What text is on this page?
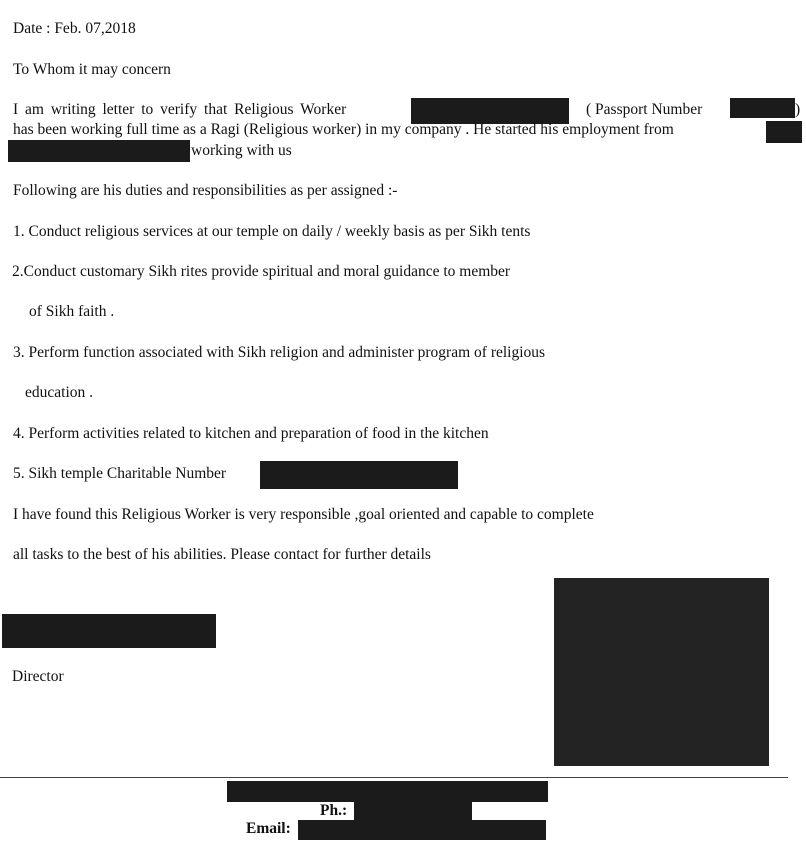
Date : Feb. 07,2018
To Whom it may concern
I am writing letter to verify that Religious Worker	( Passport Number	)
has been working full time as a Ragi (Religious worker) in my company . He started his employment from
working with us
Following are his duties and responsibilities as per assigned :-
1. Conduct religious services at our temple on daily / weekly basis as per Sikh tents
2.Conduct customary Sikh rites provide spiritual and moral guidance to member
of Sikh faith .
3. Perform function associated with Sikh religion and administer program of religious
education .
4. Perform activities related to kitchen and preparation of food in the kitchen
5. Sikh temple Charitable Number
I have found this Religious Worker is very responsible ,goal oriented and capable to complete
all tasks to the best of his abilities. Please contact for further details
Director
Ph.:
Email:
